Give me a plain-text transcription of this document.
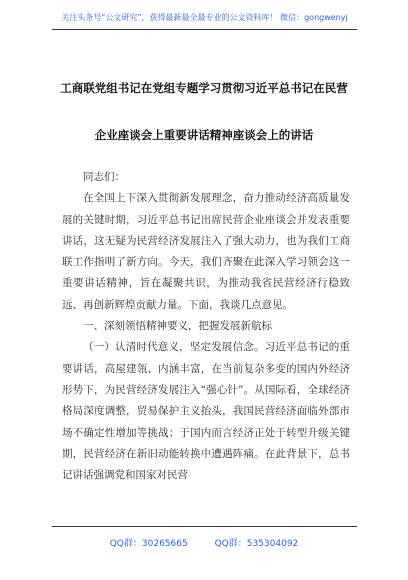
关注头条号“公文研究”，获得最新最全最专业的公文资料库！ 微信：gongwenyj
工商联党组书记在党组专题学习贯彻习近平总书记在民营
企业座谈会上重要讲话精神座谈会上的讲话

同志们：

在全国上下深入贯彻新发展理念，奋力推动经济高质量发展的关键时期，习近平总书记出席民营企业座谈会并发表重要讲话，这无疑为民营经济发展注入了强大动力，也为我们工商联工作指明了新方向。今天，我们齐聚在此深入学习领会这一重要讲话精神，旨在凝聚共识，为推动我省民营经济行稳致远、再创新辉煌贡献力量。下面，我谈几点意见。

一、深刻领悟精神要义，把握发展新航标

（一）认清时代意义，坚定发展信念。习近平总书记的重要讲话，高屋建瓴、内涵丰富，在当前复杂多变的国内外经济形势下，为民营经济发展注入“强心针”。从国际看，全球经济格局深度调整，贸易保护主义抬头，我国民营经济面临外部市场不确定性增加等挑战；于国内而言经济正处于转型升级关键期，民营经济在新旧动能转换中遭遇阵痛。在此背景下，总书记讲话强调党和国家对民营

QQ群：30265665	QQ群：535304092
